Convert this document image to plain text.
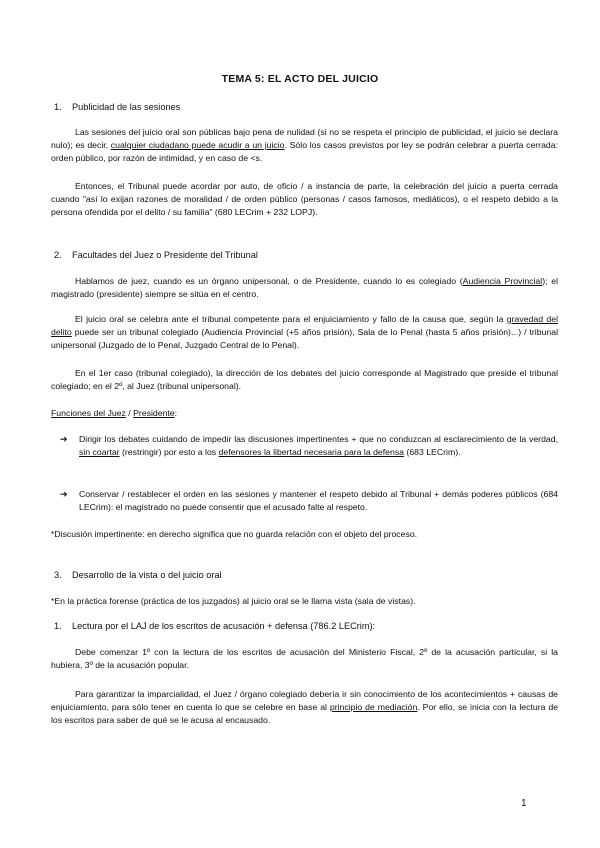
TEMA 5: EL ACTO DEL JUICIO
1. Publicidad de las sesiones

Las sesiones del juicio oral son públicas bajo pena de nulidad (si no se respeta el principio de publicidad, el juicio se declara nulo); es decir, cualquier ciudadano puede acudir a un juicio. Sólo los casos previstos por ley se podrán celebrar a puerta cerrada: orden público, por razón de intimidad, y en caso de <s.

Entonces, el Tribunal puede acordar por auto, de oficio / a instancia de parte, la celebración del juicio a puerta cerrada cuando "así lo exijan razones de moralidad / de orden público (personas / casos famosos, mediáticos), o el respeto debido a la persona ofendida por el delito / su familia" (680 LECrim + 232 LOPJ).

2. Facultades del Juez o Presidente del Tribunal

Hablamos de juez, cuando es un órgano unipersonal, o de Presidente, cuando lo es colegiado (Audiencia Provincial); el magistrado (presidente) siempre se sitúa en el centro.

El juicio oral se celebra ante el tribunal competente para el enjuiciamiento y fallo de la causa que, según la gravedad del delito puede ser un tribunal colegiado (Audiencia Provincial (+5 años prisión), Sala de lo Penal (hasta 5 años prisión)...) / tribunal unipersonal (Juzgado de lo Penal, Juzgado Central de lo Penal).

En el 1er caso (tribunal colegiado), la dirección de los debates del juicio corresponde al Magistrado que preside el tribunal colegiado; en el 2º, al Juez (tribunal unipersonal).

Funciones del Juez / Presidente:
➔ Dirigir los debates cuidando de impedir las discusiones impertinentes + que no conduzcan al esclarecimiento de la verdad, sin coartar (restringir) por esto a los defensores la libertad necesaria para la defensa (683 LECrim).
➔ Conservar / restablecer el orden en las sesiones y mantener el respeto debido al Tribunal + demás poderes públicos (684 LECrim): el magistrado no puede consentir que el acusado falte al respeto.

*Discusión impertinente: en derecho significa que no guarda relación con el objeto del proceso.

3. Desarrollo de la vista o del juicio oral

*En la práctica forense (práctica de los juzgados) al juicio oral se le llama vista (sala de vistas).

1. Lectura por el LAJ de los escritos de acusación + defensa (786.2 LECrim):

Debe comenzar 1º con la lectura de los escritos de acusación del Ministerio Fiscal, 2º de la acusación particular, si la hubiera, 3º de la acusación popular.

Para garantizar la imparcialidad, el Juez / órgano colegiado debería ir sin conocimiento de los acontecimientos + causas de enjuiciamiento, para sólo tener en cuenta lo que se celebre en base al principio de mediación. Por ello, se inicia con la lectura de los escritos para saber de qué se le acusa al encausado.

1
